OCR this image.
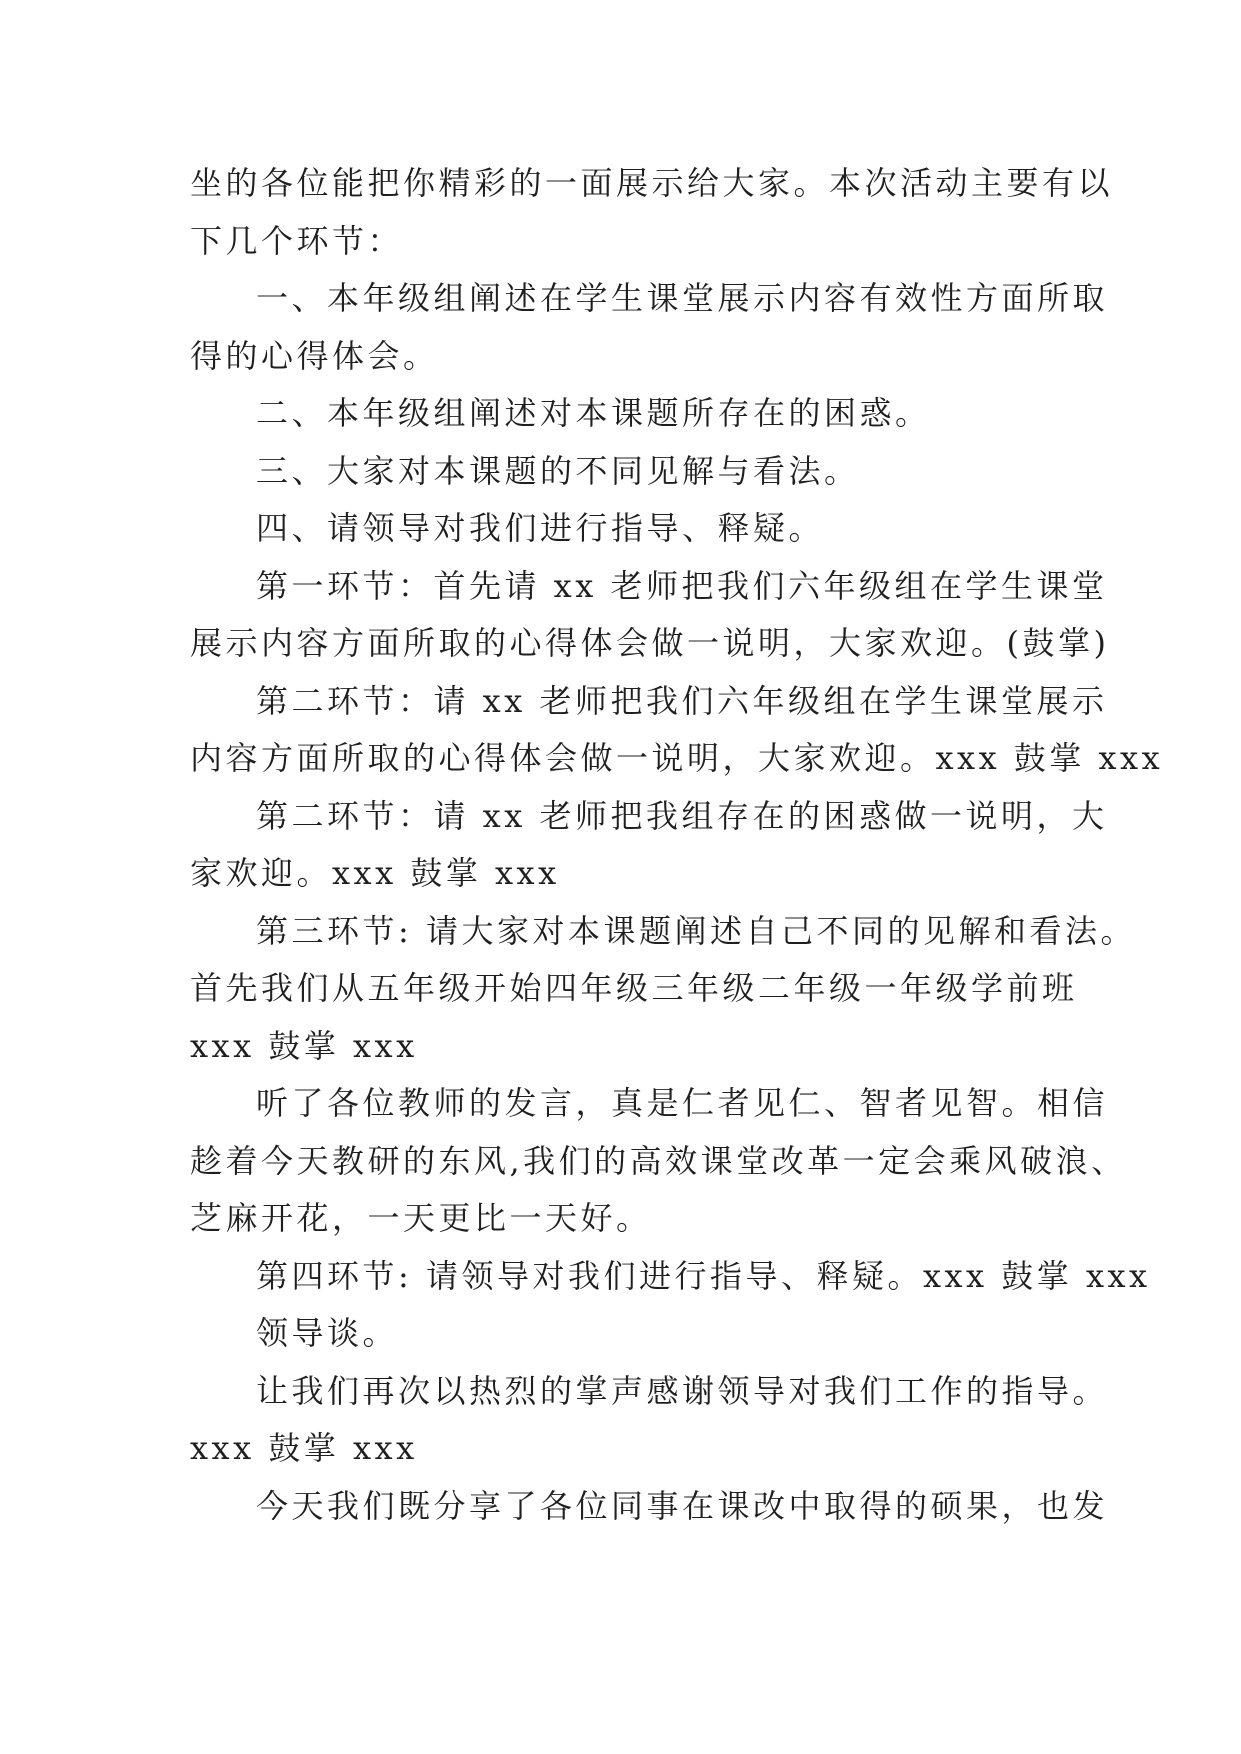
坐的各位能把你精彩的一面展示给大家。本次活动主要有以
下几个环节：
一、本年级组阐述在学生课堂展示内容有效性方面所取
得的心得体会。
二、本年级组阐述对本课题所存在的困惑。
三、大家对本课题的不同见解与看法。
四、请领导对我们进行指导、释疑。
第一环节：首先请 xx 老师把我们六年级组在学生课堂
展示内容方面所取的心得体会做一说明，大家欢迎。(鼓掌)
第二环节：请 xx 老师把我们六年级组在学生课堂展示
内容方面所取的心得体会做一说明，大家欢迎。xxx 鼓掌 xxx
第二环节：请 xx 老师把我组存在的困惑做一说明，大
家欢迎。xxx 鼓掌 xxx
第三环节: 请大家对本课题阐述自己不同的见解和看法。
首先我们从五年级开始四年级三年级二年级一年级学前班
xxx 鼓掌 xxx
听了各位教师的发言，真是仁者见仁、智者见智。相信
趁着今天教研的东风,我们的高效课堂改革一定会乘风破浪、
芝麻开花，一天更比一天好。
第四环节: 请领导对我们进行指导、释疑。xxx 鼓掌 xxx
领导谈。
让我们再次以热烈的掌声感谢领导对我们工作的指导。
xxx 鼓掌 xxx
今天我们既分享了各位同事在课改中取得的硕果，也发
